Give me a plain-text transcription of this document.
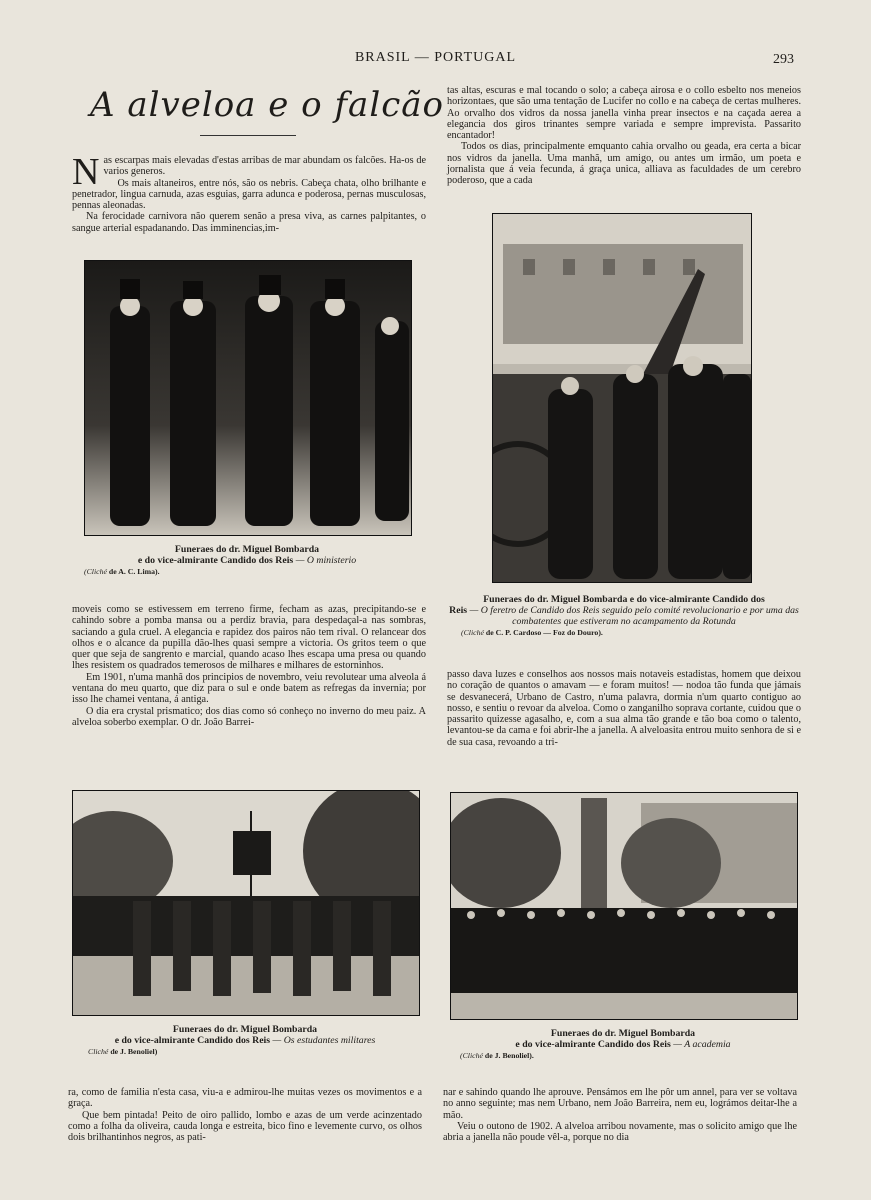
BRASIL — PORTUGAL	293
A alveloa e o falcão

Nas escarpas mais elevadas d'estas arribas de mar abundam os falcões. Ha-os de varios generos.

Os mais altaneiros, entre nós, são os nebris. Cabeça chata, olho brilhante e penetrador, lingua carnuda, azas esguias, garra adunca e poderosa, pernas musculosas, pennas aleonadas.

Na ferocidade carnivora não querem senão a presa viva, as carnes palpitantes, o sangue arterial espadanando. Das imminencias,im-

tas altas, escuras e mal tocando o solo; a cabeça airosa e o collo esbelto nos meneios horizontaes, que são uma tentação de Lucifer no collo e na cabeça de certas mulheres. Ao orvalho dos vidros da nossa janella vinha prear insectos e na caçada aerea a elegancia dos giros trinantes sempre variada e sempre imprevista. Passarito encantador!

Todos os dias, principalmente emquanto cahia orvalho ou geada, era certa a bicar nos vidros da janella. Uma manhã, um amigo, ou antes um irmão, um poeta e jornalista que á veia fecunda, á graça unica, alliava as faculdades de um cerebro poderoso, que a cada

Funeraes do dr. Miguel Bombarda
e do vice-almirante Candido dos Reis — O ministerio
(Cliché de A. C. Lima).
Funeraes do dr. Miguel Bombarda e do vice-almirante Candido dos
Reis — O feretro de Candido dos Reis seguido pelo comité revolucionario e por uma das combatentes que estiveram no acampamento da Rotunda
(Cliché de C. P. Cardoso — Foz do Douro).

moveis como se estivessem em terreno firme, fecham as azas, precipitando-se e cahindo sobre a pomba mansa ou a perdiz bravia, para despedaçal-a nas sombras, saciando a gula cruel. A elegancia e rapidez dos pairos não tem rival. O relancear dos olhos e o alcance da pupilla dão-lhes quasi sempre a victoria. Os gritos teem o que quer que seja de sangrento e marcial, quando acaso lhes escapa uma presa ou quando lhes resistem os quadrados temerosos de milhares e milhares de estorninhos.

Em 1901, n'uma manhã dos principios de novembro, veiu revolutear uma alveola á ventana do meu quarto, que diz para o sul e onde batem as refregas da invernia; por isso lhe chamei ventana, á antiga.

O dia era crystal prismatico; dos dias como só conheço no inverno do meu paiz. A alveloa soberbo exemplar. O dr. João Barrei-

passo dava luzes e conselhos aos nossos mais notaveis estadistas, homem que deixou no coração de quantos o amavam — e foram muitos! — nodoa tão funda que jámais se desvanecerá, Urbano de Castro, n'uma palavra, dormia n'um quarto contiguo ao nosso, e sentiu o revoar da alveloa. Como o zanganilho soprava cortante, cuidou que o passarito quizesse agasalho, e, com a sua alma tão grande e tão boa como o talento, levantou-se da cama e foi abrir-lhe a janella. A alveloasita entrou muito senhora de si e de sua casa, revoando a tri-

Funeraes do dr. Miguel Bombarda
e do vice-almirante Candido dos Reis — Os estudantes militares
Cliché de J. Benoliel)
Funeraes do dr. Miguel Bombarda
e do vice-almirante Candido dos Reis — A academia
(Cliché de J. Benoliel).

ra, como de familia n'esta casa, viu-a e admirou-lhe muitas vezes os movimentos e a graça.

Que bem pintada! Peito de oiro pallido, lombo e azas de um verde acinzentado como a folha da oliveira, cauda longa e estreita, bico fino e levemente curvo, os olhos dois brilhantinhos negros, as pati-

nar e sahindo quando lhe aprouve. Pensámos em lhe pôr um annel, para ver se voltava no anno seguinte; mas nem Urbano, nem João Barreira, nem eu, lográmos deitar-lhe a mão.

Veiu o outono de 1902. A alveloa arribou novamente, mas o solicito amigo que lhe abria a janella não poude vêl-a, porque no dia
